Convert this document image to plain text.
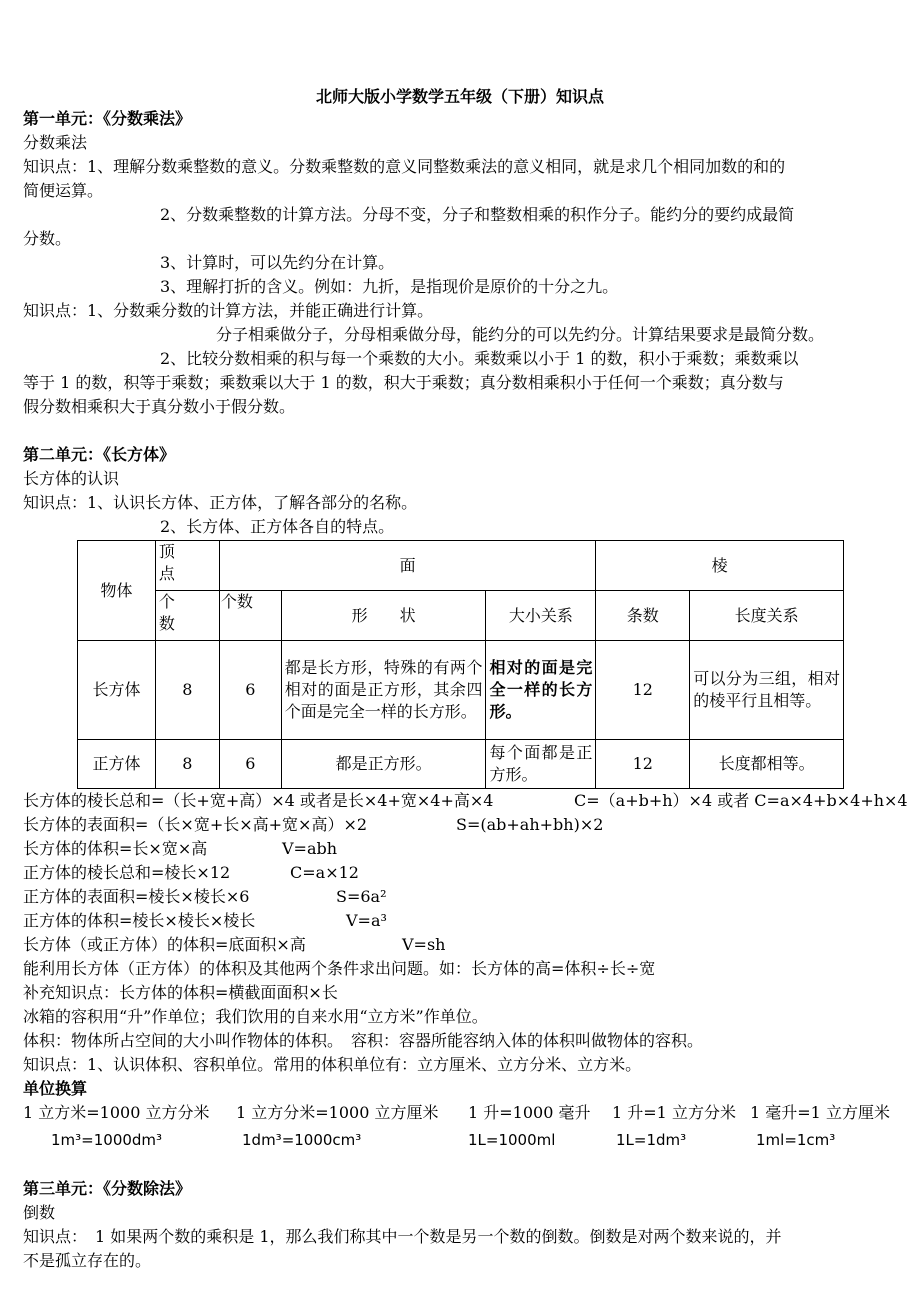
北师大版小学数学五年级（下册）知识点
第一单元：《分数乘法》
分数乘法
知识点：1、理解分数乘整数的意义。分数乘整数的意义同整数乘法的意义相同，就是求几个相同加数的和的
简便运算。
2、分数乘整数的计算方法。分母不变，分子和整数相乘的积作分子。能约分的要约成最简
分数。
3、计算时，可以先约分在计算。
3、理解打折的含义。例如：九折，是指现价是原价的十分之九。
知识点：1、分数乘分数的计算方法，并能正确进行计算。
分子相乘做分子，分母相乘做分母，能约分的可以先约分。计算结果要求是最简分数。
2、比较分数相乘的积与每一个乘数的大小。乘数乘以小于 1 的数，积小于乘数；乘数乘以
等于 1 的数，积等于乘数；乘数乘以大于 1 的数，积大于乘数；真分数相乘积小于任何一个乘数；真分数与
假分数相乘积大于真分数小于假分数。
第二单元：《长方体》
长方体的认识
知识点：1、认识长方体、正方体，了解各部分的名称。
2、长方体、正方体各自的特点。
物体	顶　　点	面			棱	
	个　　数	个数	形　　状	大小关系	条数	长度关系
长方体	8	6	都是长方形，特殊的有两个相对的面是正方形，其余四个面是完全一样的长方形。	相对的面是完全一样的长方形。	12	可以分为三组，相对的棱平行且相等。
正方体	8	6	都是正方形。	每个面都是正方形。	12	长度都相等。
长方体的棱长总和=（长+宽+高）×4 或者是长×4+宽×4+高×4	C=（a+b+h）×4 或者 C=a×4+b×4+h×4
长方体的表面积=（长×宽+长×高+宽×高）×2	S=(ab+ah+bh)×2
长方体的体积=长×宽×高	V=abh
正方体的棱长总和=棱长×12	C=a×12
正方体的表面积=棱长×棱长×6	S=6a²
正方体的体积=棱长×棱长×棱长	V=a³
长方体（或正方体）的体积=底面积×高	V=sh
能利用长方体（正方体）的体积及其他两个条件求出问题。如：长方体的高=体积÷长÷宽
补充知识点：长方体的体积=横截面面积×长
冰箱的容积用“升”作单位；我们饮用的自来水用“立方米”作单位。
体积：物体所占空间的大小叫作物体的体积。　容积：容器所能容纳入体的体积叫做物体的容积。
知识点：1、认识体积、容积单位。常用的体积单位有：立方厘米、立方分米、立方米。
单位换算
1 立方米=1000 立方分米 1 立方分米=1000 立方厘米 1 升=1000 毫升 1 升=1 立方分米 1 毫升=1 立方厘米
1m³=1000dm³	1dm³=1000cm³	1L=1000ml	1L=1dm³	1ml=1cm³
第三单元：《分数除法》
倒数
知识点：　1 如果两个数的乘积是 1，那么我们称其中一个数是另一个数的倒数。倒数是对两个数来说的，并
不是孤立存在的。
